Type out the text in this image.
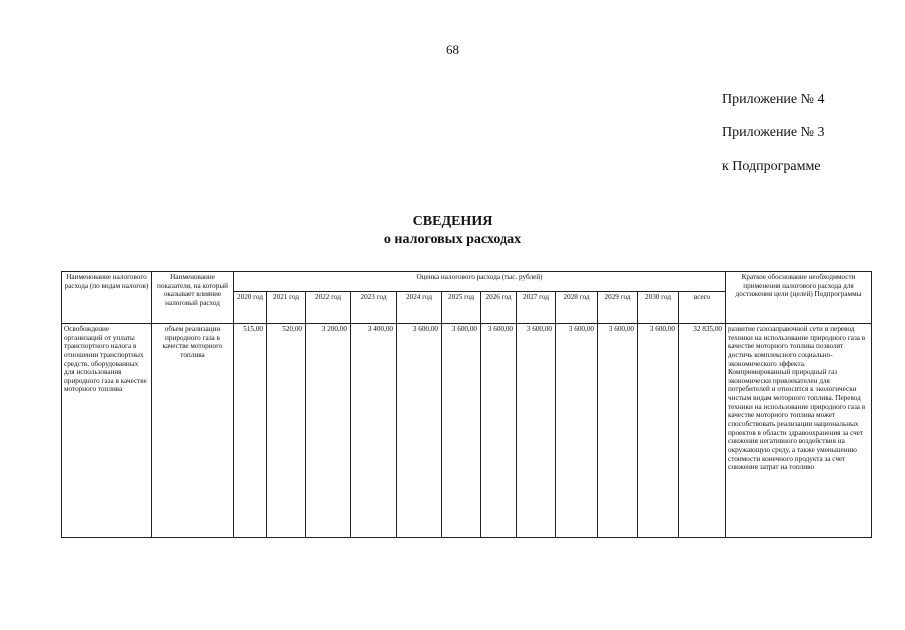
68
Приложение № 4
Приложение № 3
к Подпрограмме
СВЕДЕНИЯ
о налоговых расходах
Наименование налогового расхода (по видам налогов)	Наименование показателя, на который оказывает влияние налоговый расход	Оценка налогового расхода (тыс. рублей)												Краткое обоснование необходимости применения налогового расхода для достижения цели (целей) Подпрограммы
		2020 год	2021 год	2022 год	2023 год	2024 год	2025 год	2026 год	2027 год	2028 год	2029 год	2030 год	всего	
Освобождение организаций от уплаты транспортного налога в отношении транспортных средств, оборудованных для использования природного газа в качестве моторного топлива	объем реализации природного газа в качестве моторного топлива	515,00	520,00	3 200,00	3 400,00	3 600,00	3 600,00	3 600,00	3 600,00	3 600,00	3 600,00	3 600,00	32 835,00	развитие газозаправочной сети и перевод техники на использование природного газа в качестве моторного топлива позволят достичь комплексного социально-экономического эффекта. Компримированный природный газ экономически привлекателен для потребителей и относится к экологически чистым видам моторного топлива. Перевод техники на использование природного газа в качестве моторного топлива может способствовать реализации национальных проектов в области здравоохранения за счет снижения негативного воздействия на окружающую среду, а также уменьшению стоимости конечного продукта за счет снижения затрат на топливо
